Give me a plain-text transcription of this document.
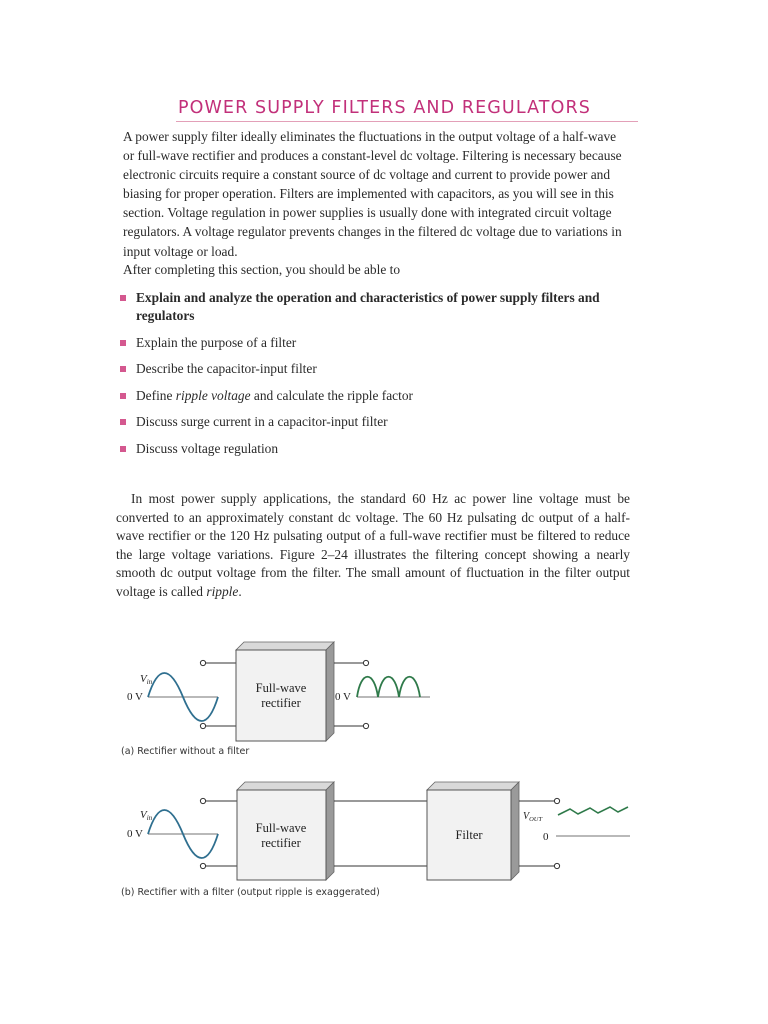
POWER SUPPLY FILTERS AND REGULATORS
A power supply filter ideally eliminates the fluctuations in the output voltage of a half-wave or full-wave rectifier and produces a constant-level dc voltage. Filtering is necessary because electronic circuits require a constant source of dc voltage and current to provide power and biasing for proper operation. Filters are implemented with capacitors, as you will see in this section. Voltage regulation in power supplies is usually done with integrated circuit voltage regulators. A voltage regulator prevents changes in the filtered dc voltage due to variations in input voltage or load.
After completing this section, you should be able to
Explain and analyze the operation and characteristics of power supply filters and regulators
Explain the purpose of a filter
Describe the capacitor-input filter
Define ripple voltage and calculate the ripple factor
Discuss surge current in a capacitor-input filter
Discuss voltage regulation
In most power supply applications, the standard 60 Hz ac power line voltage must be converted to an approximately constant dc voltage. The 60 Hz pulsating dc output of a half-wave rectifier or the 120 Hz pulsating output of a full-wave rectifier must be filtered to reduce the large voltage variations. Figure 2–24 illustrates the filtering concept showing a nearly smooth dc output voltage from the filter. The small amount of fluctuation in the filter output voltage is called ripple.
Vin
0 V
Full-wave
rectifier	0 V
Vin
0 V	Full-wave
rectifier
Filter
$V_{OUT}$
0
(a) Rectifier without a filter
(b) Rectifier with a filter (output ripple is exaggerated)
